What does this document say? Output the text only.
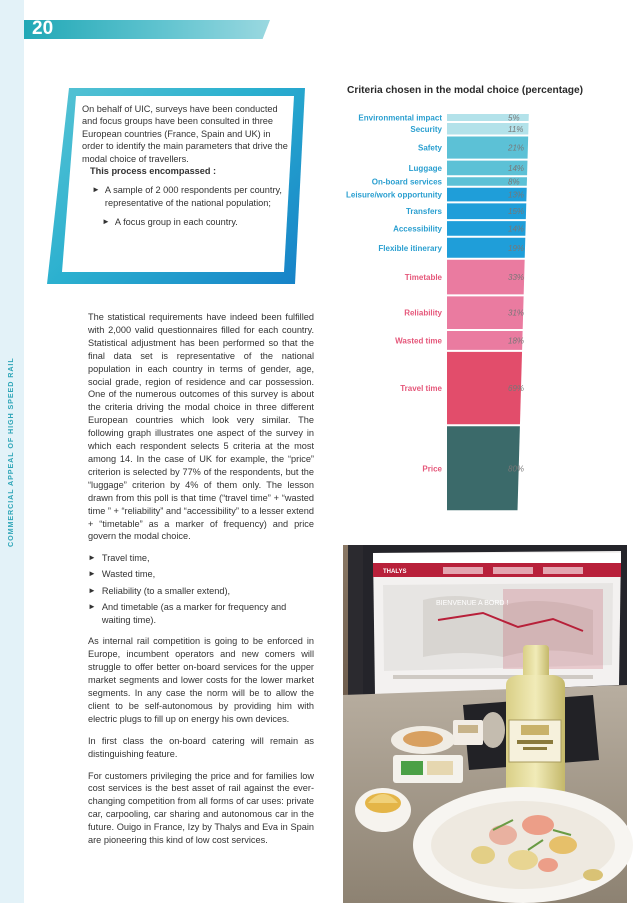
COMMERCIAL APPEAL OF HIGH SPEED RAIL
20

On behalf of UIC, surveys have been conducted and focus groups have been consulted in three European countries (France, Spain and UK) in order to identify the main parameters that drive the modal choice of travellers.

This process encompassed :

► A sample of 2 000 respondents per country, representative of the national population;

► A focus group in each country.

Criteria chosen in the modal choice (percentage)
Environmental impact	5%
Security	11%
Safety	21%
Luggage	14%
On-board services	8%
Leisure/work opportunity	13%
Transfers	15%
Accessibility	14%
Flexible itinerary	19%
Timetable	33%
Reliability	31%
Wasted time	18%
Travel time	69%
Price	80%

The statistical requirements have indeed been fulfilled with 2,000 valid questionnaires filled for each country. Statistical adjustment has been performed so that the final data set is representative of the national population in each country in terms of gender, age, social grade, region of residence and car possession. One of the numerous outcomes of this survey is about the criteria driving the modal choice in three different European countries which look very similar. The following graph illustrates one aspect of the survey in which each respondent selects 5 criteria at the most among 14. In the case of UK for example, the “price” criterion is selected by 77% of the respondents, but the “luggage” criterion by 4% of them only. The lesson drawn from this poll is that time (“travel time” + “wasted time ” + “reliability” and “accessibility” to a lesser extend + “timetable” as a marker of frequency) and price govern the modal choice.

► Travel time,
► Wasted time,
► Reliability (to a smaller extend),
► And timetable (as a marker for frequency and waiting time).

As internal rail competition is going to be enforced in Europe, incumbent operators and new comers will struggle to offer better on-board services for the upper market segments and lower costs for the lower market segments. In any case the norm will be to allow the client to be self-autonomous by providing him with electric plugs to fill up on energy his own devices.

In first class the on-board catering will remain as distinguishing feature.

For customers privileging the price and for families low cost services is the best asset of rail against the ever-changing competition from all forms of car uses: private car, carpooling, car sharing and autonomous car in the future. Ouigo in France, Izy by Thalys and Eva in Spain are pioneering this kind of low cost services.

THALYS
BIENVENUE A BORD !
